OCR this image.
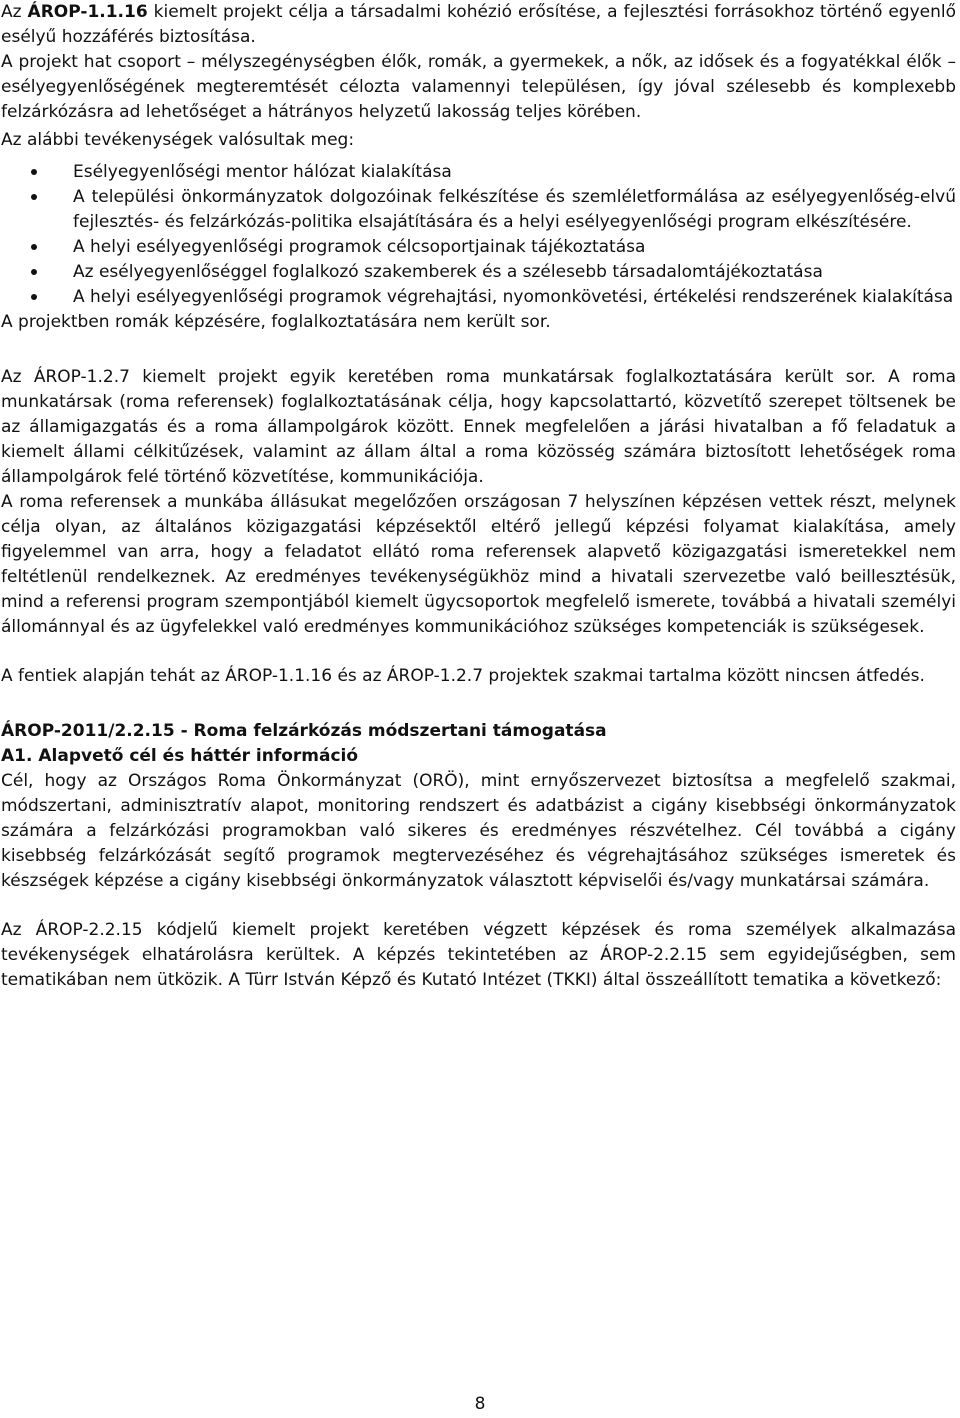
Az ÁROP-1.1.16 kiemelt projekt célja a társadalmi kohézió erősítése, a fejlesztési forrásokhoz történő egyenlő esélyű hozzáférés biztosítása.

A projekt hat csoport – mélyszegénységben élők, romák, a gyermekek, a nők, az idősek és a fogyatékkal élők – esélyegyenlőségének megteremtését célozta valamennyi településen, így jóval szélesebb és komplexebb felzárkózásra ad lehetőséget a hátrányos helyzetű lakosság teljes körében.

Az alábbi tevékenységek valósultak meg:

Esélyegyenlőségi mentor hálózat kialakítása
A települési önkormányzatok dolgozóinak felkészítése és szemléletformálása az esélyegyenlőség-elvű fejlesztés- és felzárkózás-politika elsajátítására és a helyi esélyegyenlőségi program elkészítésére.
A helyi esélyegyenlőségi programok célcsoportjainak tájékoztatása
Az esélyegyenlőséggel foglalkozó szakemberek és a szélesebb társadalomtájékoztatása
A helyi esélyegyenlőségi programok végrehajtási, nyomonkövetési, értékelési rendszerének kialakítása

A projektben romák képzésére, foglalkoztatására nem került sor.

Az ÁROP-1.2.7 kiemelt projekt egyik keretében roma munkatársak foglalkoztatására került sor. A roma munkatársak (roma referensek) foglalkoztatásának célja, hogy kapcsolattartó, közvetítő szerepet töltsenek be az államigazgatás és a roma állampolgárok között. Ennek megfelelően a járási hivatalban a fő feladatuk a kiemelt állami célkitűzések, valamint az állam által a roma közösség számára biztosított lehetőségek roma állampolgárok felé történő közvetítése, kommunikációja.

A roma referensek a munkába állásukat megelőzően országosan 7 helyszínen képzésen vettek részt, melynek célja olyan, az általános közigazgatási képzésektől eltérő jellegű képzési folyamat kialakítása, amely figyelemmel van arra, hogy a feladatot ellátó roma referensek alapvető közigazgatási ismeretekkel nem feltétlenül rendelkeznek. Az eredményes tevékenységükhöz mind a hivatali szervezetbe való beillesztésük, mind a referensi program szempontjából kiemelt ügycsoportok megfelelő ismerete, továbbá a hivatali személyi állománnyal és az ügyfelekkel való eredményes kommunikációhoz szükséges kompetenciák is szükségesek.

A fentiek alapján tehát az ÁROP-1.1.16 és az ÁROP-1.2.7 projektek szakmai tartalma között nincsen átfedés.

ÁROP-2011/2.2.15 - Roma felzárkózás módszertani támogatása
A1. Alapvető cél és háttér információ

Cél, hogy az Országos Roma Önkormányzat (ORÖ), mint ernyőszervezet biztosítsa a megfelelő szakmai, módszertani, adminisztratív alapot, monitoring rendszert és adatbázist a cigány kisebbségi önkormányzatok számára a felzárkózási programokban való sikeres és eredményes részvételhez. Cél továbbá a cigány kisebbség felzárkózását segítő programok megtervezéséhez és végrehajtásához szükséges ismeretek és készségek képzése a cigány kisebbségi önkormányzatok választott képviselői és/vagy munkatársai számára.

Az ÁROP-2.2.15 kódjelű kiemelt projekt keretében végzett képzések és roma személyek alkalmazása tevékenységek elhatárolásra kerültek. A képzés tekintetében az ÁROP-2.2.15 sem egyidejűségben, sem tematikában nem ütközik. A Türr István Képző és Kutató Intézet (TKKI) által összeállított tematika a következő:

8
